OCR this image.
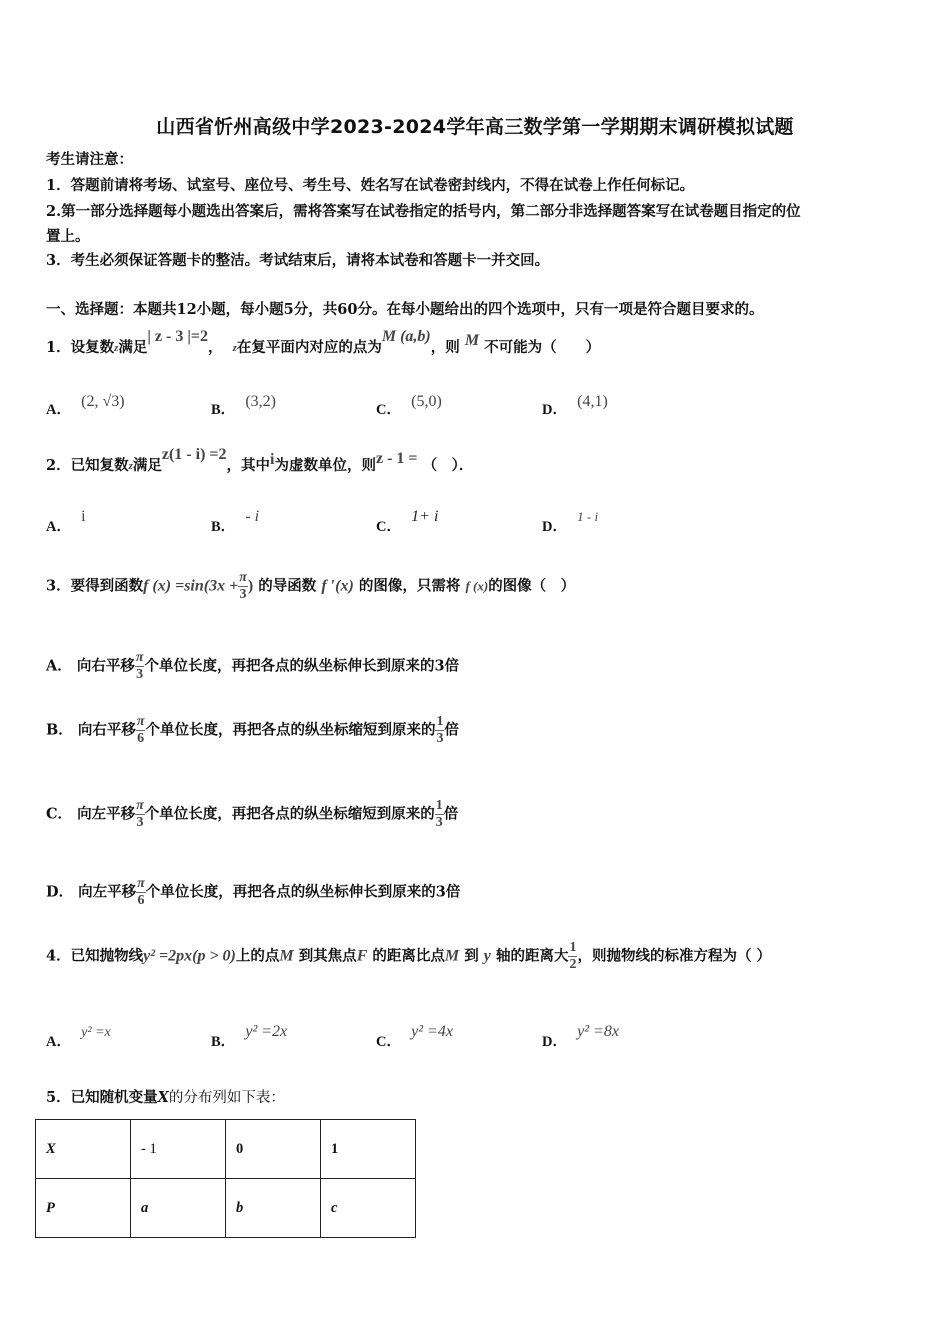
山西省忻州高级中学2023-2024学年高三数学第一学期期末调研模拟试题
考生请注意：
1．答题前请将考场、试室号、座位号、考生号、姓名写在试卷密封线内，不得在试卷上作任何标记。
2.第一部分选择题每小题选出答案后，需将答案写在试卷指定的括号内，第二部分非选择题答案写在试卷题目指定的位
置上。
3．考生必须保证答题卡的整洁。考试结束后，请将本试卷和答题卡一并交回。
一、选择题：本题共12小题，每小题5分，共60分。在每小题给出的四个选项中，只有一项是符合题目要求的。
1．设复数$^z$满足| z - 3 |=2， $^z$在复平面内对应的点为M (a,b)，则 M 不可能为（　　）
A． (2, √3)	B． (3,2)	C． (5,0)	D． (4,1)
2．已知复数$^z$满足z(1 - i) =2，其中i为虚数单位，则z - 1 = （　）．
A．  i
B．  - i
C．  1+ i
D．  1 - i
3．要得到函数f $(x) =\sin(3x + \frac{\pi}{3}$ ) 的导函数 f ′(x) 的图像，只需将 f (x)的图像（　）
A． 向右平移 $\frac{\pi}{3}$ 个单位长度，再把各点的纵坐标伸长到原来的3倍
B． 向右平移 $\frac{\pi}{6}$ 个单位长度，再把各点的纵坐标缩短到原来的 $\frac{1}{3}$ 倍
C． 向左平移 $\frac{\pi}{3}$ 个单位长度，再把各点的纵坐标缩短到原来的 $\frac{1}{3}$ 倍
D． 向左平移 $\frac{\pi}{6}$ 个单位长度，再把各点的纵坐标伸长到原来的3倍
4．已知抛物线y² =2px(p > 0)上的点M 到其焦点F 的距离比点M 到 y 轴的距离大 $\frac{1}{2}$ ，则抛物线的标准方程为（ ）
A．  y² =x
B．  y² =2x
C．  y² =4x
D．  y² =8x
5．已知随机变量X的分布列如下表：
X	- 1	0	1
P	a	b	c
